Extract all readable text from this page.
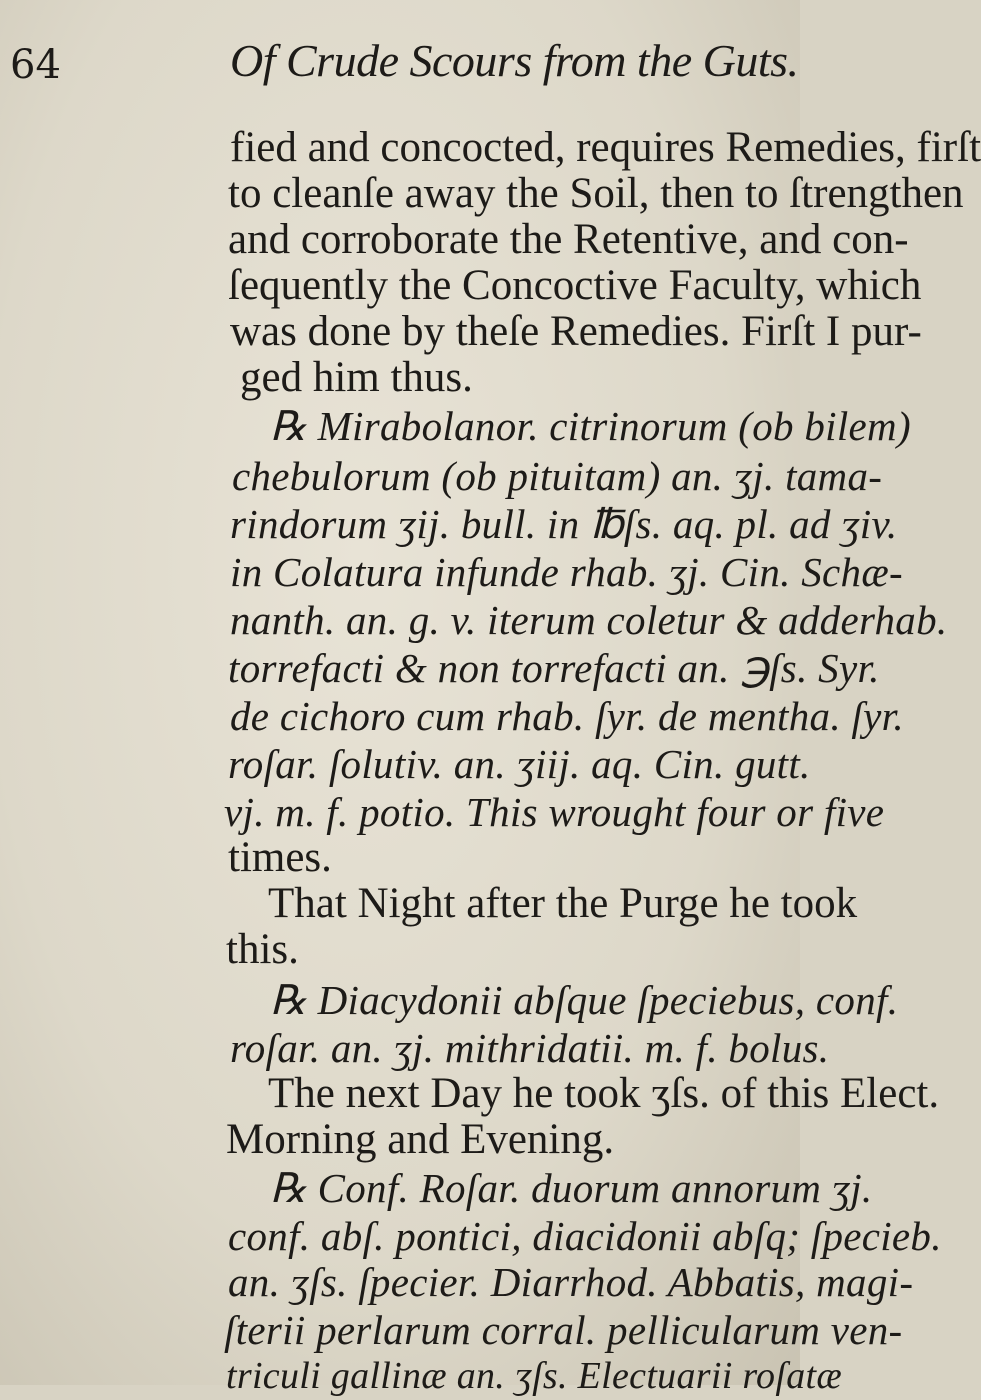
64	Of Crude Scours from the Guts.
fied and concocted, requires Remedies, firſt
to cleanſe away the Soil, then to ſtrengthen
and corroborate the Retentive, and con-
ſequently the Concoctive Faculty, which
was done by theſe Remedies. Firſt I pur-
ged him thus.
℞ Mirabolanor. citrinorum (ob bilem)
chebulorum (ob pituitam) an. ʒj. tama-
rindorum ʒij. bull. in ℔ſs. aq. pl. ad ʒiv.
in Colatura infunde rhab. ʒj. Cin. Schæ-
nanth. an. g. v. iterum coletur & adderhab.
torrefacti & non torrefacti an. ℈ſs. Syr.
de cichoro cum rhab. ſyr. de mentha. ſyr.
roſar. ſolutiv. an. ʒiij. aq. Cin. gutt.
vj. m. f. potio. This wrought four or five
times.
That Night after the Purge he took
this.
℞ Diacydonii abſque ſpeciebus, conf.
roſar. an. ʒj. mithridatii. m. f. bolus.
The next Day he took ʒſs. of this Elect.
Morning and Evening.
℞ Conf. Roſar. duorum annorum ʒj.
conf. abſ. pontici, diacidonii abſq; ſpecieb.
an. ʒſs. ſpecier. Diarrhod. Abbatis, magi-
ſterii perlarum corral. pellicularum ven-
triculi gallinæ an. ʒſs. Electuarii roſatæ
